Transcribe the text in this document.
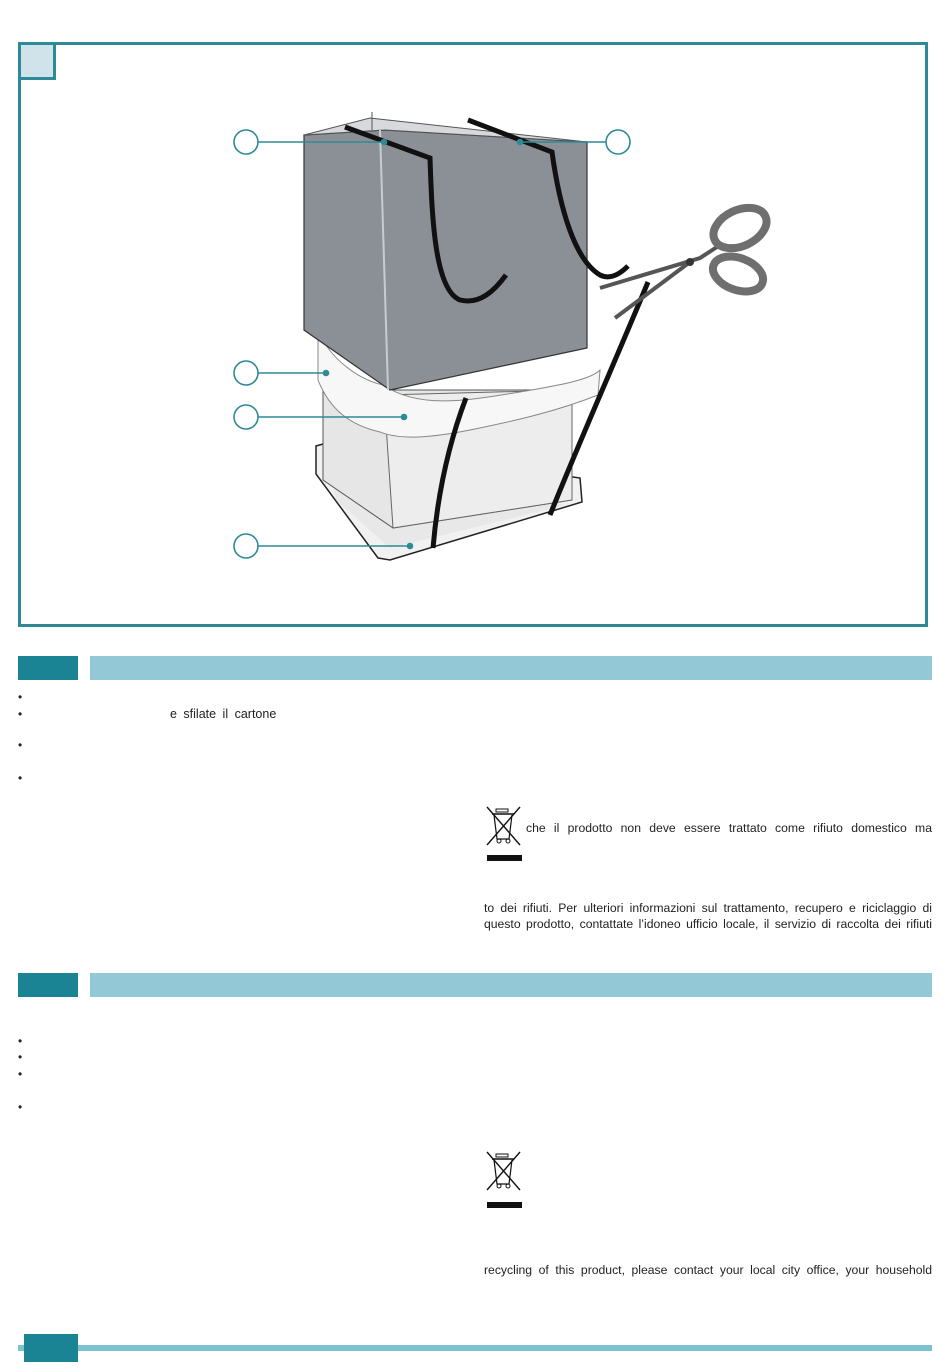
•
•	e sfilate il cartone
•
•
che il prodotto non deve essere trattato come rifiuto domestico ma
to dei rifiuti. Per ulteriori informazioni sul trattamento, recupero e riciclaggio di
questo prodotto, contattate l’idoneo ufficio locale, il servizio di raccolta dei rifiuti
•
•
•
•
recycling of this product, please contact your local city office, your household
